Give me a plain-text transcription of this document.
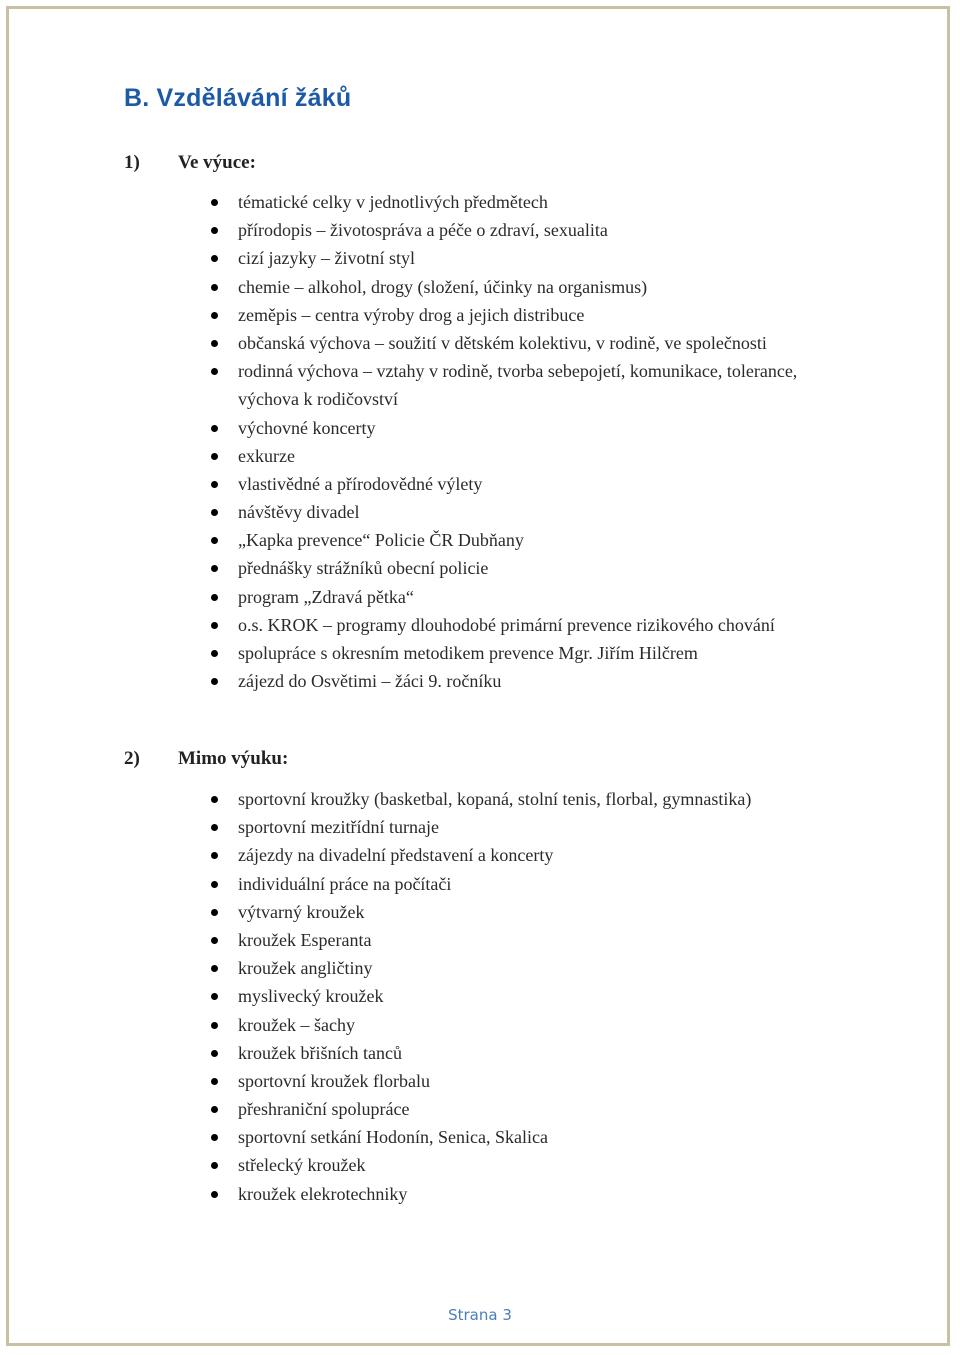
B. Vzdělávání žáků
1) Ve výuce:
tématické celky v jednotlivých předmětech
přírodopis – životospráva a péče o zdraví, sexualita
cizí jazyky – životní styl
chemie – alkohol, drogy (složení, účinky na organismus)
zeměpis – centra výroby drog a jejich distribuce
občanská výchova – soužití v dětském kolektivu, v rodině, ve společnosti
rodinná výchova – vztahy v rodině, tvorba sebepojetí, komunikace, tolerance, výchova k rodičovství
výchovné koncerty
exkurze
vlastivědné a přírodovědné výlety
návštěvy divadel
„Kapka prevence“ Policie ČR Dubňany
přednášky strážníků obecní policie
program „Zdravá pětka“
o.s. KROK – programy dlouhodobé primární prevence rizikového chování
spolupráce s okresním metodikem prevence Mgr. Jiřím Hilčrem
zájezd do Osvětimi – žáci 9. ročníku
2) Mimo výuku:
sportovní kroužky (basketbal, kopaná, stolní tenis, florbal, gymnastika)
sportovní mezitřídní turnaje
zájezdy na divadelní představení a koncerty
individuální práce na počítači
výtvarný kroužek
kroužek Esperanta
kroužek angličtiny
myslivecký kroužek
kroužek – šachy
kroužek břišních tanců
sportovní kroužek florbalu
přeshraniční spolupráce
sportovní setkání Hodonín, Senica, Skalica
střelecký kroužek
kroužek elekrotechniky
Strana 3
